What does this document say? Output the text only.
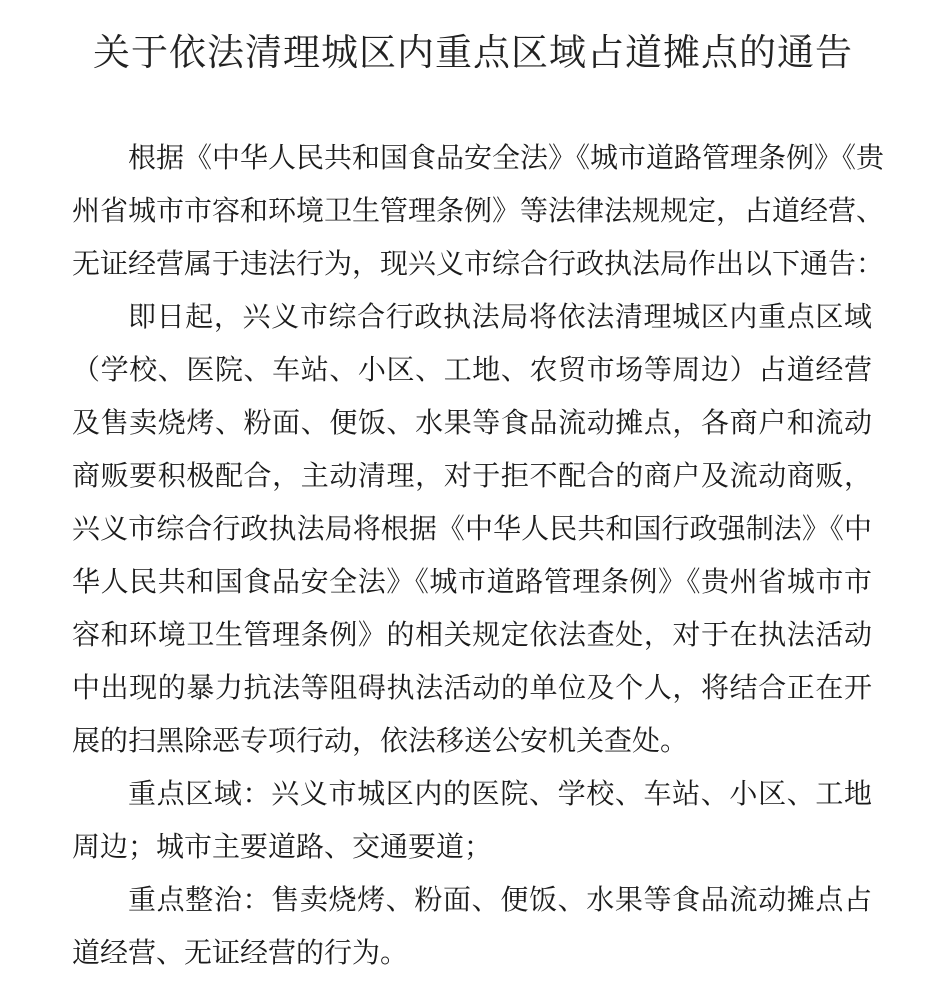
关于依法清理城区内重点区域占道摊点的通告
根据《中华人民共和国食品安全法》《城市道路管理条例》《贵
州省城市市容和环境卫生管理条例》等法律法规规定，占道经营、
无证经营属于违法行为，现兴义市综合行政执法局作出以下通告：
即日起，兴义市综合行政执法局将依法清理城区内重点区域
（学校、医院、车站、小区、工地、农贸市场等周边）占道经营
及售卖烧烤、粉面、便饭、水果等食品流动摊点，各商户和流动
商贩要积极配合，主动清理，对于拒不配合的商户及流动商贩，
兴义市综合行政执法局将根据《中华人民共和国行政强制法》《中
华人民共和国食品安全法》《城市道路管理条例》《贵州省城市市
容和环境卫生管理条例》的相关规定依法查处，对于在执法活动
中出现的暴力抗法等阻碍执法活动的单位及个人，将结合正在开
展的扫黑除恶专项行动，依法移送公安机关查处。
重点区域：兴义市城区内的医院、学校、车站、小区、工地
周边；城市主要道路、交通要道；
重点整治：售卖烧烤、粉面、便饭、水果等食品流动摊点占
道经营、无证经营的行为。
